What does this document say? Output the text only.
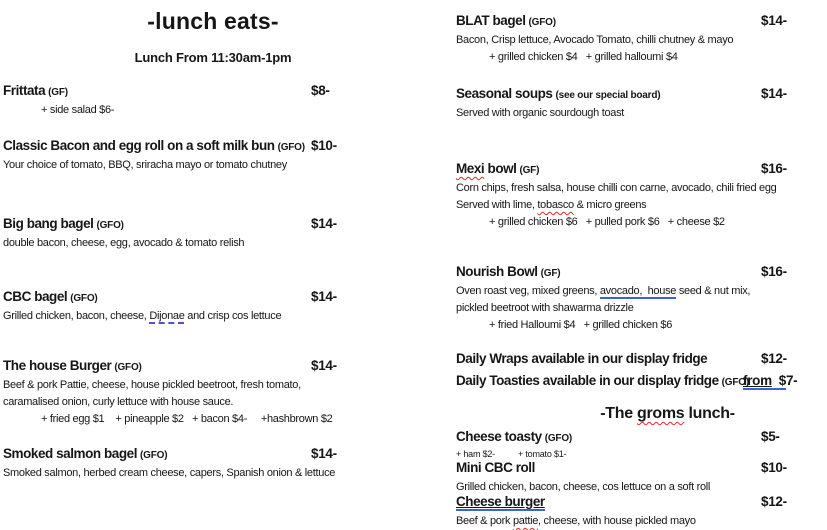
-lunch eats-
Lunch From 11:30am-1pm
Frittata (GF)	$8-
+ side salad $6-
Classic Bacon and egg roll on a soft milk bun (GFO) $10-
Your choice of tomato, BBQ, sriracha mayo or tomato chutney
Big bang bagel (GFO)	$14-
double bacon, cheese, egg, avocado & tomato relish
CBC bagel (GFO)	$14-
Grilled chicken, bacon, cheese, Dijonae and crisp cos lettuce
The house Burger (GFO)	$14-
Beef & pork Pattie, cheese, house pickled beetroot, fresh tomato,
caramalised onion, curly lettuce with house sauce.
+ fried egg $1    + pineapple $2   + bacon $4-     +hashbrown $2
Smoked salmon bagel (GFO)	$14-
Smoked salmon, herbed cream cheese, capers, Spanish onion & lettuce
BLAT bagel (GFO)	$14-
Bacon, Crisp lettuce, Avocado Tomato, chilli chutney & mayo
+ grilled chicken $4   + grilled halloumi $4
Seasonal soups (see our special board)	$14-
Served with organic sourdough toast
Mexi bowl (GF)	$16-
Corn chips, fresh salsa, house chilli con carne, avocado, chili fried egg
Served with lime, tobasco & micro greens
+ grilled chicken $6   + pulled pork $6   + cheese $2
Nourish Bowl (GF)	$16-
Oven roast veg, mixed greens, avocado,  house seed & nut mix,
pickled beetroot with shawarma drizzle
+ fried Halloumi $4   + grilled chicken $6
Daily Wraps available in our display fridge	$12-
Daily Toasties available in our display fridge (GFO)
from  $7-
-The groms lunch-
Cheese toasty (GFO)	$5-
+ ham $2-          + tomato $1-
Mini CBC roll	$10-
Grilled chicken, bacon, cheese, cos lettuce on a soft roll
Cheese burger	$12-
Beef & pork pattie, cheese, with house pickled mayo
